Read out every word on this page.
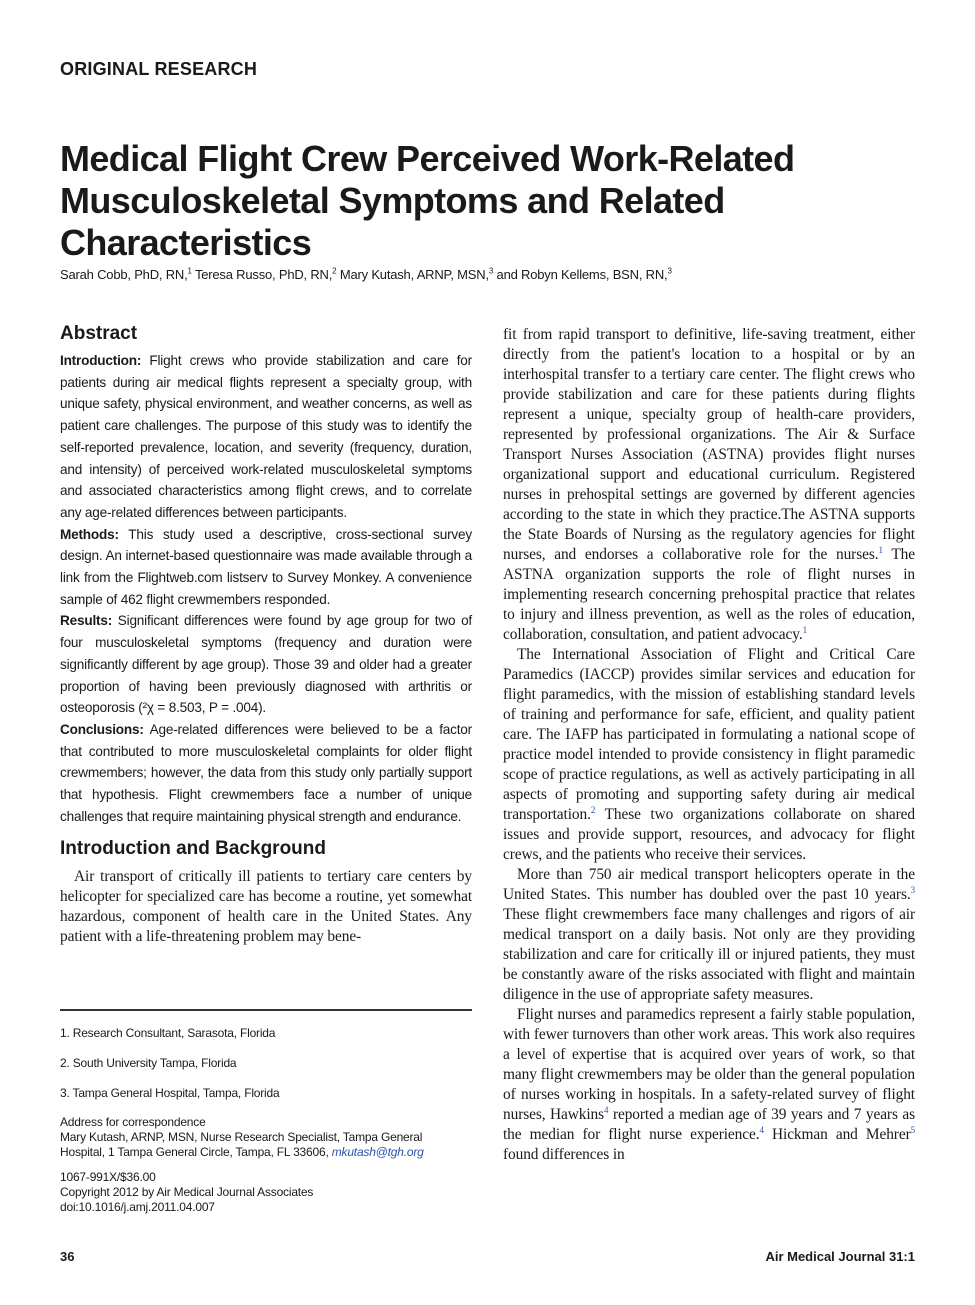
ORIGINAL RESEARCH
Medical Flight Crew Perceived Work-Related Musculoskeletal Symptoms and Related Characteristics
Sarah Cobb, PhD, RN,$^1$ Teresa Russo, PhD, RN,$^2$ Mary Kutash, ARNP, MSN,$^3$ and Robyn Kellems, BSN, RN,$^3$
Abstract

Introduction: Flight crews who provide stabilization and care for patients during air medical flights represent a specialty group, with unique safety, physical environment, and weather concerns, as well as patient care challenges. The purpose of this study was to identify the self-reported prevalence, location, and severity (frequency, duration, and intensity) of perceived work-related musculoskeletal symptoms and associated characteristics among flight crews, and to correlate any age-related differences between participants.

Methods: This study used a descriptive, cross-sectional survey design. An internet-based questionnaire was made available through a link from the Flightweb.com listserv to Survey Monkey. A convenience sample of 462 flight crewmembers responded.

Results: Significant differences were found by age group for two of four musculoskeletal symptoms (frequency and duration were significantly different by age group). Those 39 and older had a greater proportion of having been previously diagnosed with arthritis or osteoporosis (²χ = 8.503, P = .004).

Conclusions: Age-related differences were believed to be a factor that contributed to more musculoskeletal complaints for older flight crewmembers; however, the data from this study only partially support that hypothesis. Flight crewmembers face a number of unique challenges that require maintaining physical strength and endurance.

Introduction and Background

Air transport of critically ill patients to tertiary care centers by helicopter for specialized care has become a routine, yet somewhat hazardous, component of health care in the United States. Any patient with a life-threatening problem may bene-

1. Research Consultant, Sarasota, Florida

2. South University Tampa, Florida

3. Tampa General Hospital, Tampa, Florida

Address for correspondence

Mary Kutash, ARNP, MSN, Nurse Research Specialist, Tampa General

Hospital, 1 Tampa General Circle, Tampa, FL 33606, mkutash@tgh.org

1067-991X/$36.00

Copyright 2012 by Air Medical Journal Associates

doi:10.1016/j.amj.2011.04.007

fit from rapid transport to definitive, life-saving treatment, either directly from the patient's location to a hospital or by an interhospital transfer to a tertiary care center. The flight crews who provide stabilization and care for these patients during flights represent a unique, specialty group of health-care providers, represented by professional organizations. The Air & Surface Transport Nurses Association (ASTNA) provides flight nurses organizational support and educational curriculum. Registered nurses in prehospital settings are governed by different agencies according to the state in which they practice.The ASTNA supports the State Boards of Nursing as the regulatory agencies for flight nurses, and endorses a collaborative role for the nurses.$^1$ The ASTNA organization supports the role of flight nurses in implementing research concerning prehospital practice that relates to injury and illness prevention, as well as the roles of education, collaboration, consultation, and patient advocacy.$^1$

The International Association of Flight and Critical Care Paramedics (IACCP) provides similar services and education for flight paramedics, with the mission of establishing standard levels of training and performance for safe, efficient, and quality patient care. The IAFP has participated in formulating a national scope of practice model intended to provide consistency in flight paramedic scope of practice regulations, as well as actively participating in all aspects of promoting and supporting safety during air medical transportation.$^2$ These two organizations collaborate on shared issues and provide support, resources, and advocacy for flight crews, and the patients who receive their services.

More than 750 air medical transport helicopters operate in the United States. This number has doubled over the past 10 years.$^3$ These flight crewmembers face many challenges and rigors of air medical transport on a daily basis. Not only are they providing stabilization and care for critically ill or injured patients, they must be constantly aware of the risks associated with flight and maintain diligence in the use of appropriate safety measures.

Flight nurses and paramedics represent a fairly stable population, with fewer turnovers than other work areas. This work also requires a level of expertise that is acquired over years of work, so that many flight crewmembers may be older than the general population of nurses working in hospitals. In a safety-related survey of flight nurses, Hawkins$^4$ reported a median age of 39 years and 7 years as the median for flight nurse experience.$^4$ Hickman and Mehrer$^5$ found differences in

36	Air Medical Journal 31:1
